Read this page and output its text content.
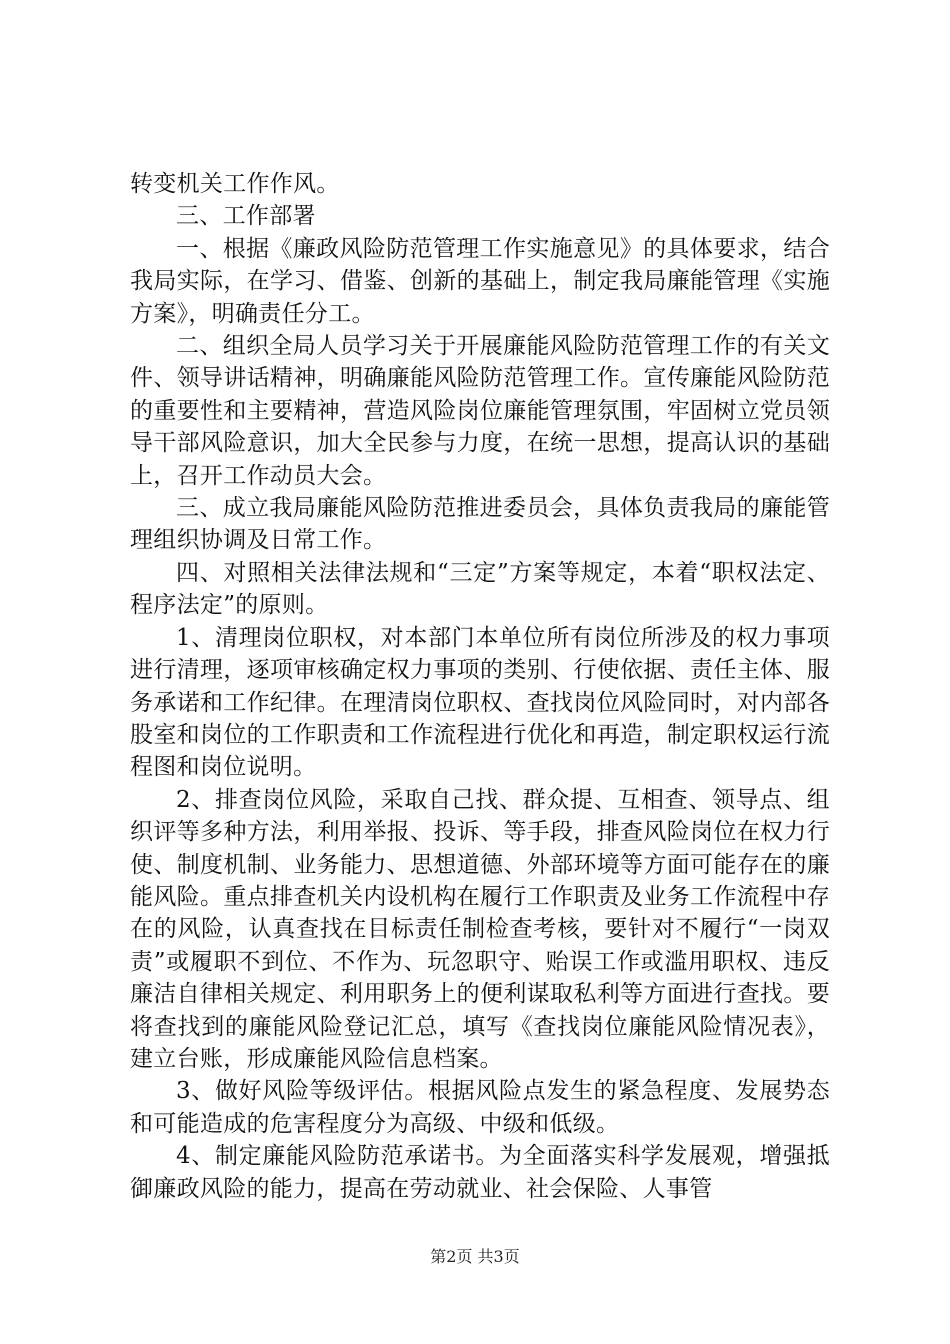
转变机关工作作风。

三、工作部署

一、根据《廉政风险防范管理工作实施意见》的具体要求，结合我局实际，在学习、借鉴、创新的基础上，制定我局廉能管理《实施方案》，明确责任分工。

二、组织全局人员学习关于开展廉能风险防范管理工作的有关文件、领导讲话精神，明确廉能风险防范管理工作。宣传廉能风险防范的重要性和主要精神，营造风险岗位廉能管理氛围，牢固树立党员领导干部风险意识，加大全民参与力度，在统一思想，提高认识的基础上，召开工作动员大会。

三、成立我局廉能风险防范推进委员会，具体负责我局的廉能管理组织协调及日常工作。

四、对照相关法律法规和“三定”方案等规定，本着“职权法定、程序法定”的原则。

1、清理岗位职权，对本部门本单位所有岗位所涉及的权力事项进行清理，逐项审核确定权力事项的类别、行使依据、责任主体、服务承诺和工作纪律。在理清岗位职权、查找岗位风险同时，对内部各股室和岗位的工作职责和工作流程进行优化和再造，制定职权运行流程图和岗位说明。

2、排查岗位风险，采取自己找、群众提、互相查、领导点、组织评等多种方法，利用举报、投诉、等手段，排查风险岗位在权力行使、制度机制、业务能力、思想道德、外部环境等方面可能存在的廉能风险。重点排查机关内设机构在履行工作职责及业务工作流程中存在的风险，认真查找在目标责任制检查考核，要针对不履行“一岗双责”或履职不到位、不作为、玩忽职守、贻误工作或滥用职权、违反廉洁自律相关规定、利用职务上的便利谋取私利等方面进行查找。要将查找到的廉能风险登记汇总，填写《查找岗位廉能风险情况表》，建立台账，形成廉能风险信息档案。

3、做好风险等级评估。根据风险点发生的紧急程度、发展势态和可能造成的危害程度分为高级、中级和低级。

4、制定廉能风险防范承诺书。为全面落实科学发展观，增强抵御廉政风险的能力，提高在劳动就业、社会保险、人事管

第2页 共3页
